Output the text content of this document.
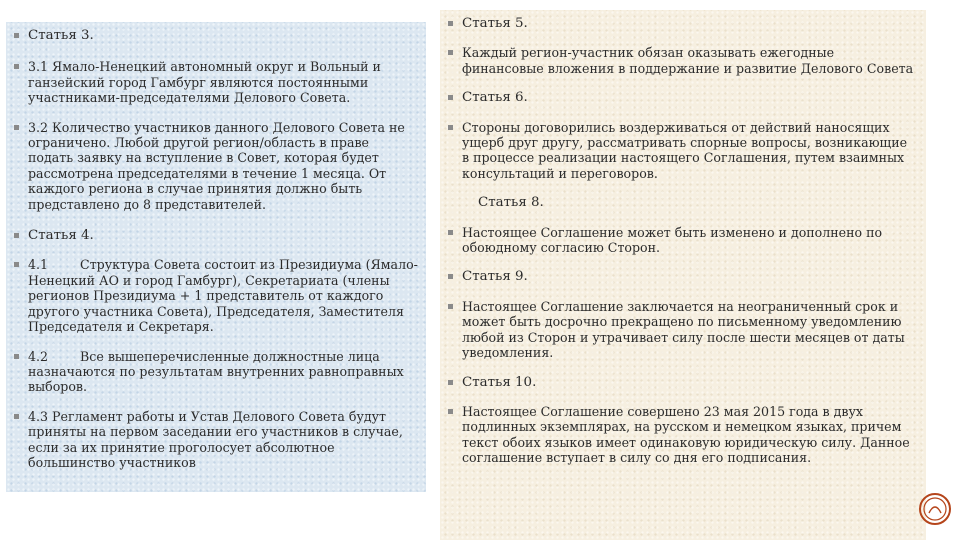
Статья 3.
3.1 Ямало-Ненецкий автономный округ и Вольный и ганзейский город Гамбург являются постоянными участниками-председателями Делового Совета.
3.2 Количество участников данного Делового Совета не ограничено. Любой другой регион/область в праве подать заявку на вступление в Совет, которая будет рассмотрена председателями в течение 1 месяца. От каждого региона в случае принятия должно быть представлено до 8 представителей.
Статья 4.
4.1        Структура Совета состоит из Президиума (Ямало-Ненецкий АО и город Гамбург), Секретариата (члены регионов Президиума + 1 представитель от каждого другого участника Совета), Председателя, Заместителя Председателя и Секретаря.
4.2        Все вышеперечисленные должностные лица назначаются по результатам внутренних равноправных выборов.
4.3 Регламент работы и Устав Делового Совета будут приняты на первом заседании его участников в случае, если за их принятие проголосует абсолютное большинство участников
Статья 5.
Каждый регион-участник обязан оказывать ежегодные финансовые вложения в поддержание и развитие Делового Совета
Статья 6.
Стороны договорились воздерживаться от действий наносящих ущерб друг другу, рассматривать спорные вопросы, возникающие в процессе реализации настоящего Соглашения, путем взаимных консультаций и переговоров.
Статья 8.
Настоящее Соглашение может быть изменено и дополнено по обоюдному согласию Сторон.
Статья 9.
Настоящее Соглашение заключается на неограниченный срок и может быть досрочно прекращено по письменному уведомлению любой из Сторон и утрачивает силу после шести месяцев от даты уведомления.
Статья 10.
Настоящее Соглашение совершено 23 мая 2015 года в двух подлинных экземплярах, на русском и немецком языках, причем текст обоих языков имеет одинаковую юридическую силу. Данное соглашение вступает в силу со дня его подписания.
